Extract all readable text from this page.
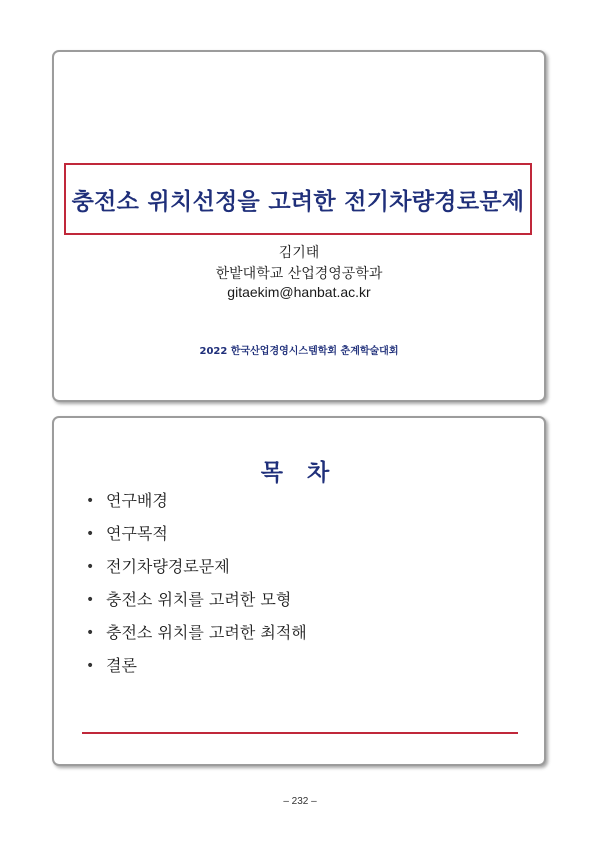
충전소 위치선정을 고려한 전기차량경로문제
김기태
한밭대학교 산업경영공학과
gitaekim@hanbat.ac.kr
2022 한국산업경영시스템학회 춘계학술대회
목 차
• 연구배경
• 연구목적
• 전기차량경로문제
• 충전소 위치를 고려한 모형
• 충전소 위치를 고려한 최적해
• 결론
– 232 –
